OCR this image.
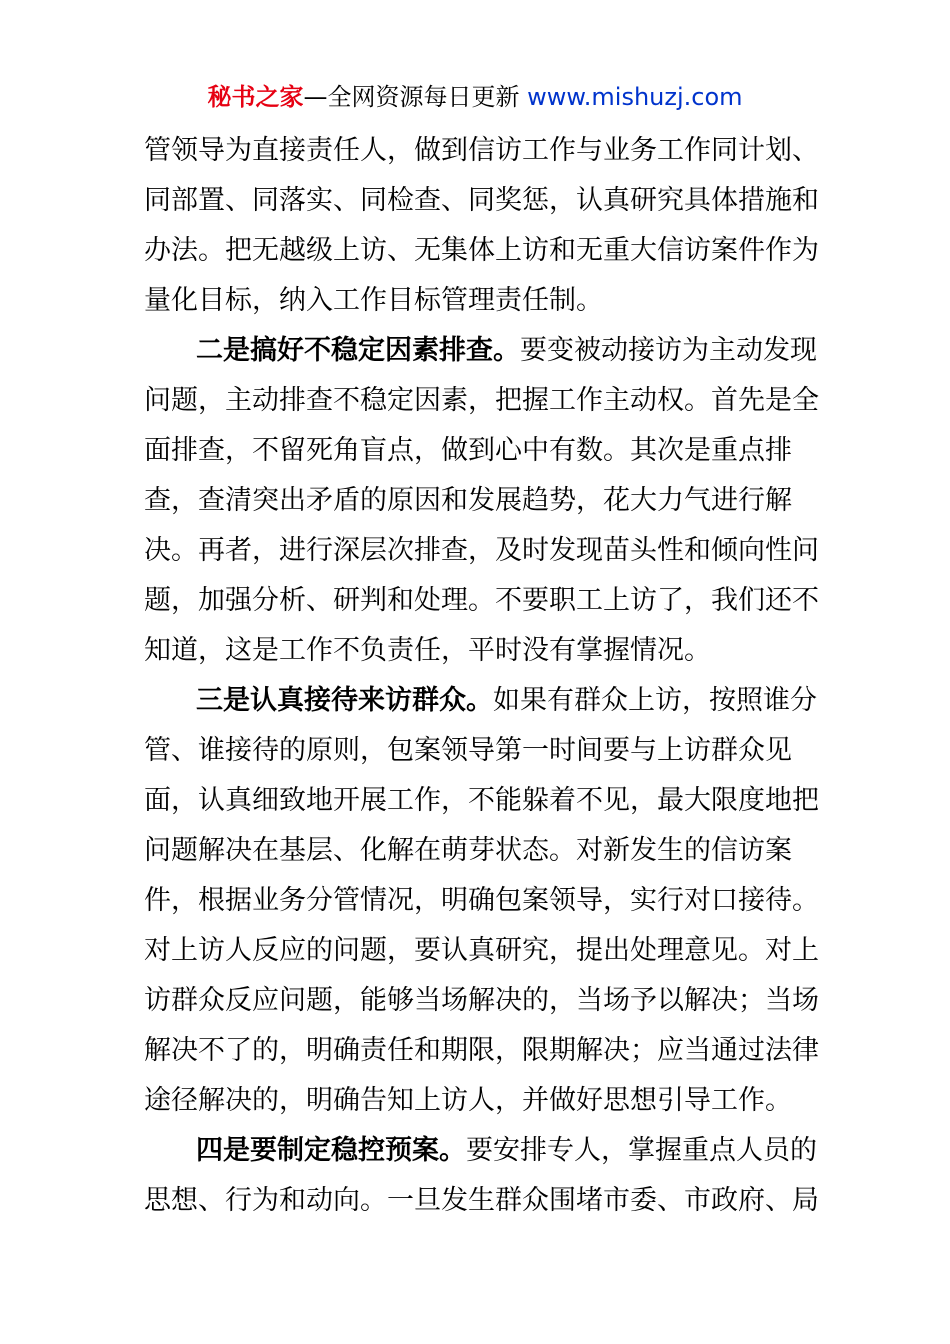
秘书之家—全网资源每日更新 www.mishuzj.com
管领导为直接责任人，做到信访工作与业务工作同计划、
同部置、同落实、同检查、同奖惩，认真研究具体措施和
办法。把无越级上访、无集体上访和无重大信访案件作为
量化目标，纳入工作目标管理责任制。
二是搞好不稳定因素排查。要变被动接访为主动发现
问题，主动排查不稳定因素，把握工作主动权。首先是全
面排查，不留死角盲点，做到心中有数。其次是重点排
查，查清突出矛盾的原因和发展趋势，花大力气进行解
决。再者，进行深层次排查，及时发现苗头性和倾向性问
题，加强分析、研判和处理。不要职工上访了，我们还不
知道，这是工作不负责任，平时没有掌握情况。
三是认真接待来访群众。如果有群众上访，按照谁分
管、谁接待的原则，包案领导第一时间要与上访群众见
面，认真细致地开展工作，不能躲着不见，最大限度地把
问题解决在基层、化解在萌芽状态。对新发生的信访案
件，根据业务分管情况，明确包案领导，实行对口接待。
对上访人反应的问题，要认真研究，提出处理意见。对上
访群众反应问题，能够当场解决的，当场予以解决；当场
解决不了的，明确责任和期限，限期解决；应当通过法律
途径解决的，明确告知上访人，并做好思想引导工作。
四是要制定稳控预案。要安排专人，掌握重点人员的
思想、行为和动向。一旦发生群众围堵市委、市政府、局
